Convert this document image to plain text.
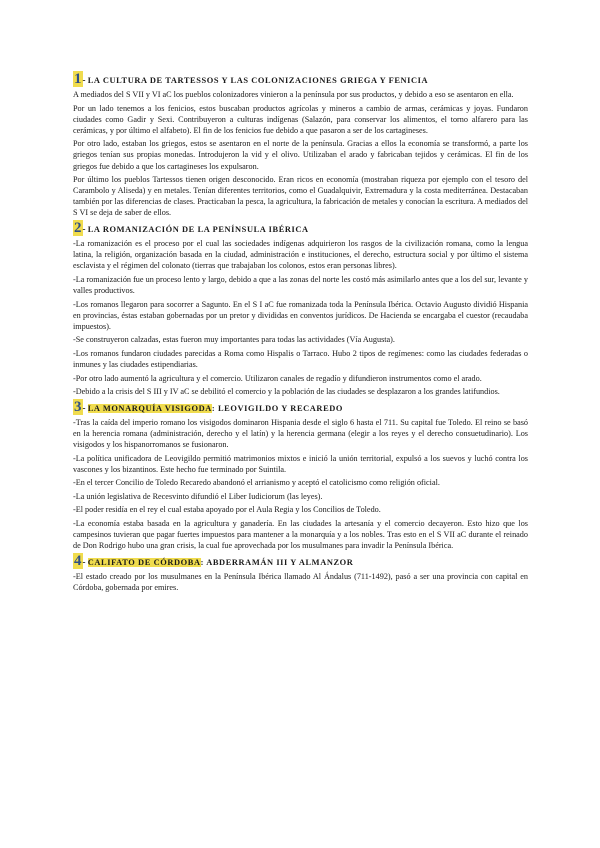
1- LA CULTURA DE TARTESSOS Y LAS COLONIZACIONES GRIEGA Y FENICIA

A mediados del S VII y VI aC los pueblos colonizadores vinieron a la península por sus productos, y debido a eso se asentaron en ella.

Por un lado tenemos a los fenicios, estos buscaban productos agrícolas y mineros a cambio de armas, cerámicas y joyas. Fundaron ciudades como Gadir y Sexi. Contribuyeron a culturas indígenas (Salazón, para conservar los alimentos, el torno alfarero para las cerámicas, y por último el alfabeto). El fin de los fenicios fue debido a que pasaron a ser de los cartagineses.

Por otro lado, estaban los griegos, estos se asentaron en el norte de la península. Gracias a ellos la economía se transformó, a parte los griegos tenían sus propias monedas. Introdujeron la vid y el olivo. Utilizaban el arado y fabricaban tejidos y cerámicas. El fin de los griegos fue debido a que los cartagineses los expulsaron.

Por último los pueblos Tartessos tienen origen desconocido. Eran ricos en economía (mostraban riqueza por ejemplo con el tesoro del Carambolo y Aliseda) y en metales. Tenían diferentes territorios, como el Guadalquivir, Extremadura y la costa mediterránea. Destacaban también por las diferencias de clases. Practicaban la pesca, la agricultura, la fabricación de metales y conocían la escritura. A mediados del S VI se deja de saber de ellos.

2- LA ROMANIZACIÓN DE LA PENÍNSULA IBÉRICA

-La romanización es el proceso por el cual las sociedades indígenas adquirieron los rasgos de la civilización romana, como la lengua latina, la religión, organización basada en la ciudad, administración e instituciones, el derecho, estructura social y por último el sistema esclavista y el régimen del colonato (tierras que trabajaban los colonos, estos eran personas libres).

-La romanización fue un proceso lento y largo, debido a que a las zonas del norte les costó más asimilarlo antes que a los del sur, levante y valles productivos.

-Los romanos llegaron para socorrer a Sagunto. En el S I aC fue romanizada toda la Península Ibérica. Octavio Augusto dividió Hispania en provincias, éstas estaban gobernadas por un pretor y divididas en conventos jurídicos. De Hacienda se encargaba el cuestor (recaudaba impuestos).

-Se construyeron calzadas, estas fueron muy importantes para todas las actividades (Vía Augusta).

-Los romanos fundaron ciudades parecidas a Roma como Hispalis o Tarraco. Hubo 2 tipos de regímenes: como las ciudades federadas o inmunes y las ciudades estipendiarias.

-Por otro lado aumentó la agricultura y el comercio. Utilizaron canales de regadío y difundieron instrumentos como el arado.

-Debido a la crisis del S III y IV aC se debilitó el comercio y la población de las ciudades se desplazaron a los grandes latifundios.

3- LA MONARQUÍA VISIGODA: LEOVIGILDO Y RECAREDO

-Tras la caída del imperio romano los visigodos dominaron Hispania desde el siglo 6 hasta el 711. Su capital fue Toledo. El reino se basó en la herencia romana (administración, derecho y el latín) y la herencia germana (elegir a los reyes y el derecho consuetudinario). Los visigodos y los hispanorromanos se fusionaron.

-La política unificadora de Leovigildo permitió matrimonios mixtos e inició la unión territorial, expulsó a los suevos y luchó contra los vascones y los bizantinos. Este hecho fue terminado por Suintila.

-En el tercer Concilio de Toledo Recaredo abandonó el arrianismo y aceptó el catolicismo como religión oficial.

-La unión legislativa de Recesvinto difundió el Liber Iudiciorum (las leyes).

-El poder residía en el rey el cual estaba apoyado por el Aula Regia y los Concilios de Toledo.

-La economía estaba basada en la agricultura y ganadería. En las ciudades la artesanía y el comercio decayeron. Esto hizo que los campesinos tuvieran que pagar fuertes impuestos para mantener a la monarquía y a los nobles. Tras esto en el S VII aC durante el reinado de Don Rodrigo hubo una gran crisis, la cual fue aprovechada por los musulmanes para invadir la Península Ibérica.

4- CALIFATO DE CÓRDOBA: ABDERRAMÁN III Y ALMANZOR

-El estado creado por los musulmanes en la Península Ibérica llamado Al Ándalus (711-1492), pasó a ser una provincia con capital en Córdoba, gobernada por emires.
